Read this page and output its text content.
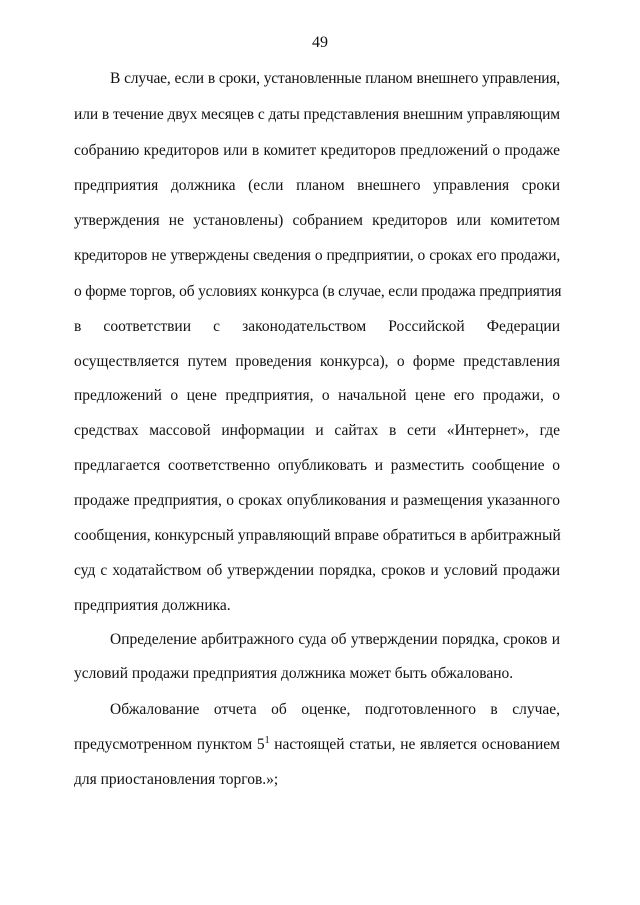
49
В случае, если в сроки, установленные планом внешнего управления,
или в течение двух месяцев с даты представления внешним управляющим
собранию кредиторов или в комитет кредиторов предложений о продаже
предприятия должника (если планом внешнего управления сроки
утверждения не установлены) собранием кредиторов или комитетом
кредиторов не утверждены сведения о предприятии, о сроках его продажи,
о форме торгов, об условиях конкурса (в случае, если продажа предприятия
в соответствии с законодательством Российской Федерации
осуществляется путем проведения конкурса), о форме представления
предложений о цене предприятия, о начальной цене его продажи, о
средствах массовой информации и сайтах в сети «Интернет», где
предлагается соответственно опубликовать и разместить сообщение о
продаже предприятия, о сроках опубликования и размещения указанного
сообщения, конкурсный управляющий вправе обратиться в арбитражный
суд с ходатайством об утверждении порядка, сроков и условий продажи
предприятия должника.
Определение арбитражного суда об утверждении порядка, сроков и
условий продажи предприятия должника может быть обжаловано.
Обжалование отчета об оценке, подготовленного в случае,
предусмотренном пунктом $5^1$ настоящей статьи, не является основанием
для приостановления торгов.»;
